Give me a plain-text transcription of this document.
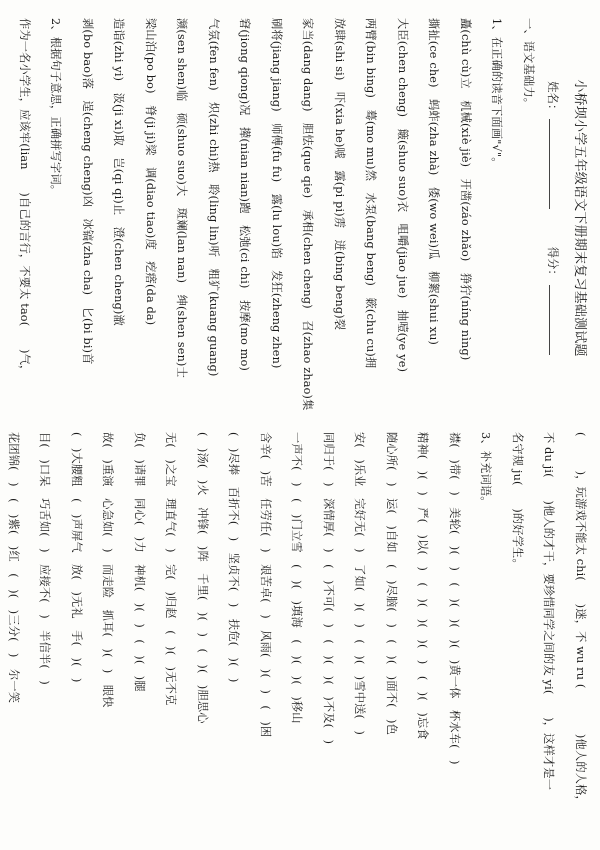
小桥坝小学五年级语文下册期末复习基础测试题
姓名：   得分：
一、语文基础力。
1、在正确的读音下面画"√"。
矗(chù cù)立　机械(xiè jiè)　开凿(záo zhǎo)　狰狞(níng nìng)
撕扯(ce che)　蚂蚱(zha zhà)　倭(wo wei)瓜　柳絮(shui xu)
大臣(chen cheng)　簸(shuo suo)衣　咀嚼(jiao jue)　抽噎(ye ye)
两臂(bin bing)　蓦(mo mu)然　水泵(bang beng)　簌(chu cu)拥
放肆(shi si)　吓(xia he)唬　露(pi pi)雳　迸(bing beng)裂
家当(dang dang)　胆怯(que qie)　承相(chen cheng)　召(zhao zhao)集
刷将(jiang jiang)　师傅(fu fu)　露(lu lou)馅　发狂(zheng zhen)
窘(jiong qiong)况　撵(nian nian)跑　松弛(ci chi)　按摩(mo mo)
气氛(fen fen)　炽(zhi chi)热　聆(ling lin)听　粗犷(kuang guang)
濒(sen shen)临　硕(shuo suo)大　斑斓(lan nan)　绅(shen sen)士
梁山泊(po bo)　脊(ji ji)梁　调(diao tiao)度　疙瘩(da da)
造诣(zhi yi)　汲(ji xi)取　岂(qi qi)止　澄(chen cheng)澈
剥(bo bao)落　逞(cheng cheng)凶　冰镐(zha cha)　匕(bi bi)首
2、根据句子意思，正确拼写字词。
作为一名小学生，应该牢(lian　　)自己的言行，不要太 tao(　　)气，
(　　　)，玩游戏不能太 chi(　　)迷，不 wu ru (　　　　)他人的人格，
不 du ji(　　)他人的才干，要珍惜同学之间的友 yi(　　)，这样才是一
名守规 ju(　　)的好学生。
3、补充词语。
襟(　)带(　)　美轮(　)(　)　(　)(　)(　)(　)黄一体　杯水车(　)
精神(　)(　)　严(　)以(　)　(　)(　)(　)(　)　(　)(　)忘食
随心所(　)　运(　)自如　(　)尽脑(　)　(　)(　)面不(　)色
安(　)乐业　完好无(　)　了如(　)(　)　(　)(　)雪中送(　)
同归于(　)　深情厚(　)　(　)不可(　)　(　)(　)(　)不及(　)
一声不(　)　(　)门立雪　(　)(　)填海　(　)(　)(　)移山
含辛(　)苦　任劳任(　)　艰苦卓(　)　风雨(　)(　)　(　)困
(　)尽捧　百折不(　)　坚贞不(　)　扶危(　)(　)
(　)汤(　)火　冲锋(　)阵　千里(　)(　)　(　)(　)胆思心
无(　)之宝　理直气(　)　完(　)归赵　(　)(　)无不克
负(　)请罪　同心(　)力　神机(　)(　)　(　)(　)腿
故(　)重演　心急如(　)　而走险　抓耳(　)(　)　眼快
(　)大腰粗　(　)声屏气　放(　)无礼　手(　)(　)
目(　)口呆　巧舌如(　)　应接不(　)　半信半(　)
花团锦(　)　(　)紫(　)红　(　)(　)三分(　)　尔一笑
